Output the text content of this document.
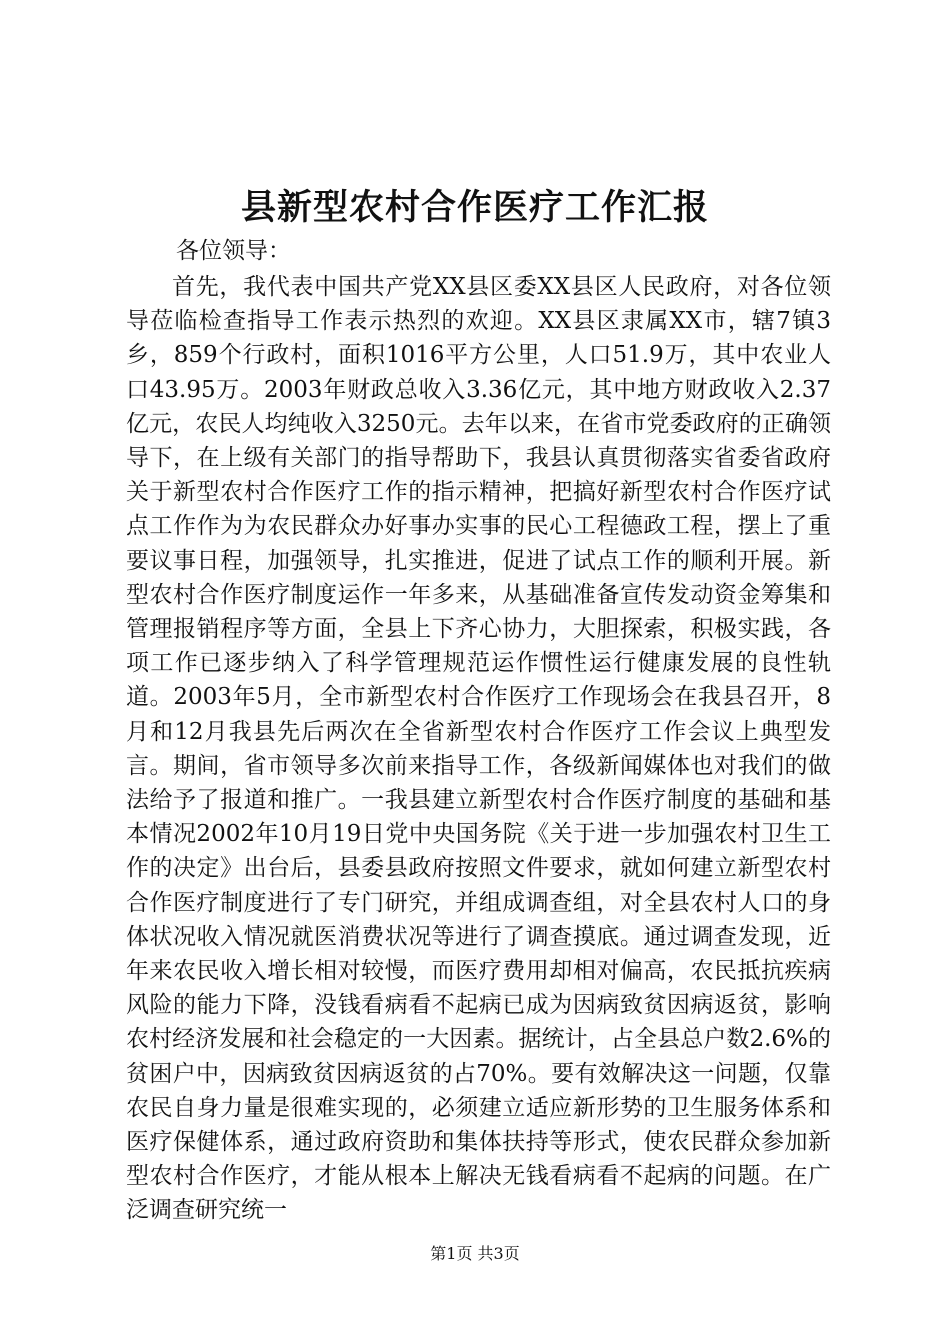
县新型农村合作医疗工作汇报

各位领导：

首先，我代表中国共产党XX县区委XX县区人民政府，对各位领导莅临检查指导工作表示热烈的欢迎。XX县区隶属XX市，辖7镇3乡，859个行政村，面积1016平方公里，人口51.9万，其中农业人口43.95万。2003年财政总收入3.36亿元，其中地方财政收入2.37亿元，农民人均纯收入3250元。去年以来，在省市党委政府的正确领导下，在上级有关部门的指导帮助下，我县认真贯彻落实省委省政府关于新型农村合作医疗工作的指示精神，把搞好新型农村合作医疗试点工作作为为农民群众办好事办实事的民心工程德政工程，摆上了重要议事日程，加强领导，扎实推进，促进了试点工作的顺利开展。新型农村合作医疗制度运作一年多来，从基础准备宣传发动资金筹集和管理报销程序等方面，全县上下齐心协力，大胆探索，积极实践，各项工作已逐步纳入了科学管理规范运作惯性运行健康发展的良性轨道。2003年5月，全市新型农村合作医疗工作现场会在我县召开，8月和12月我县先后两次在全省新型农村合作医疗工作会议上典型发言。期间，省市领导多次前来指导工作，各级新闻媒体也对我们的做法给予了报道和推广。一我县建立新型农村合作医疗制度的基础和基本情况2002年10月19日党中央国务院《关于进一步加强农村卫生工作的决定》出台后，县委县政府按照文件要求，就如何建立新型农村合作医疗制度进行了专门研究，并组成调查组，对全县农村人口的身体状况收入情况就医消费状况等进行了调查摸底。通过调查发现，近年来农民收入增长相对较慢，而医疗费用却相对偏高，农民抵抗疾病风险的能力下降，没钱看病看不起病已成为因病致贫因病返贫，影响农村经济发展和社会稳定的一大因素。据统计，占全县总户数2.6%的贫困户中，因病致贫因病返贫的占70%。要有效解决这一问题，仅靠农民自身力量是很难实现的，必须建立适应新形势的卫生服务体系和医疗保健体系，通过政府资助和集体扶持等形式，使农民群众参加新型农村合作医疗，才能从根本上解决无钱看病看不起病的问题。在广泛调查研究统一

第1页 共3页
